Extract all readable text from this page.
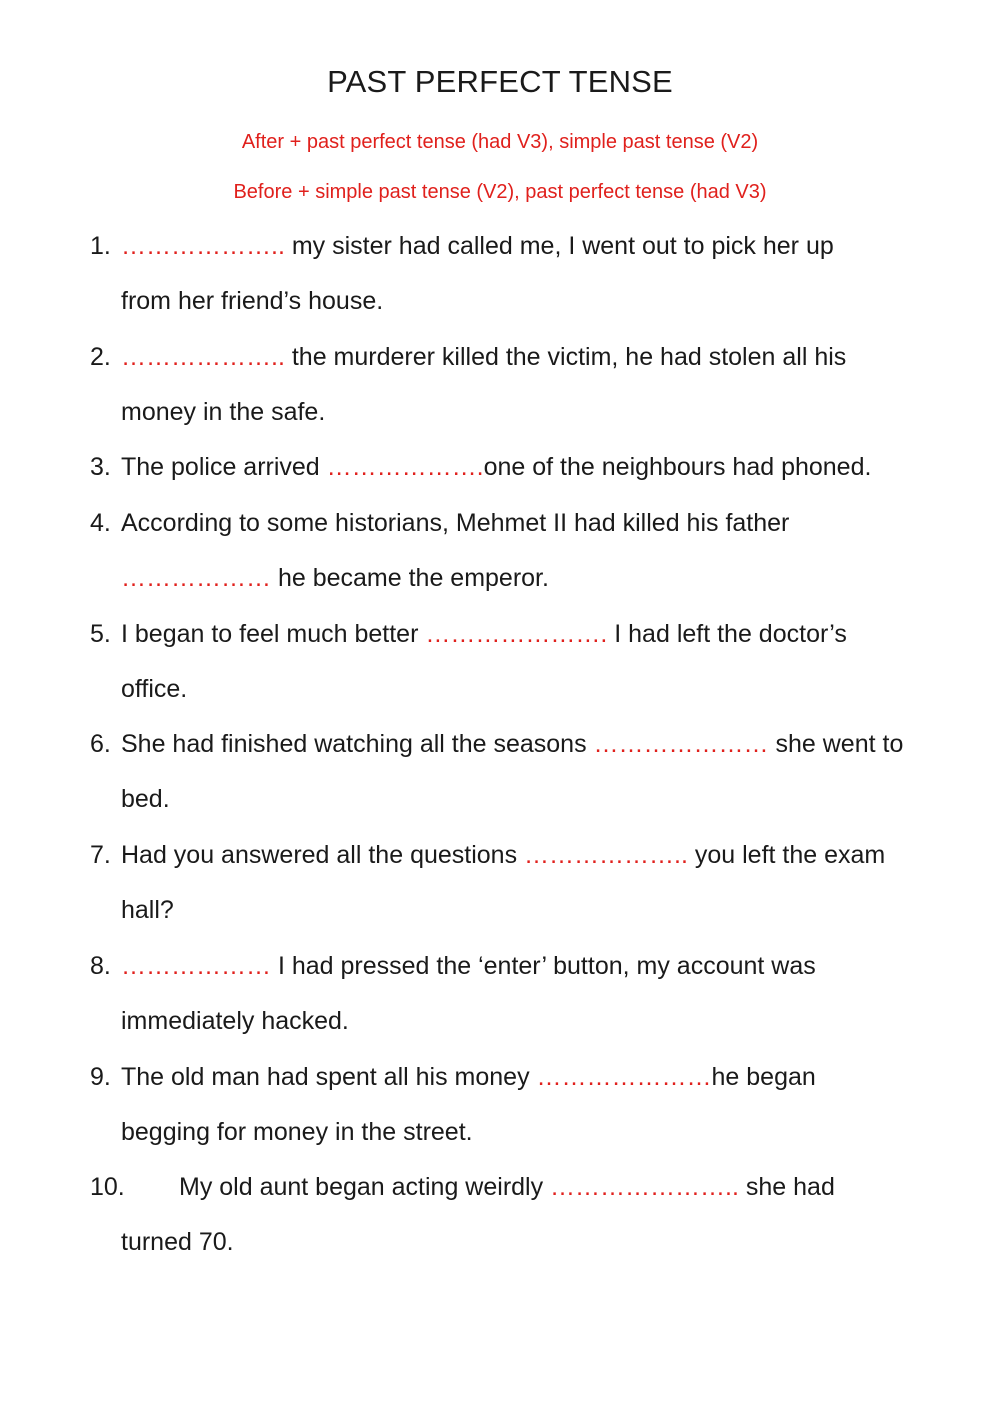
PAST PERFECT TENSE
After + past perfect tense (had V3), simple past tense (V2)
Before + simple past tense (V2), past perfect tense (had V3)
1. ……………….. my sister had called me, I went out to pick her up
from her friend’s house.
2. ……………….. the murderer killed the victim, he had stolen all his
money in the safe.
3. The police arrived ……………….one of the neighbours had phoned.
4. According to some historians, Mehmet II had killed his father
……………… he became the emperor.
5. I began to feel much better …………………. I had left the doctor’s
office.
6. She had finished watching all the seasons ………………… she went to
bed.
7. Had you answered all the questions ……………….. you left the exam
hall?
8. ……………… I had pressed the ‘enter’ button, my account was
immediately hacked.
9. The old man had spent all his money …………………he began
begging for money in the street.
10. My old aunt began acting weirdly ………………….. she had
turned 70.
